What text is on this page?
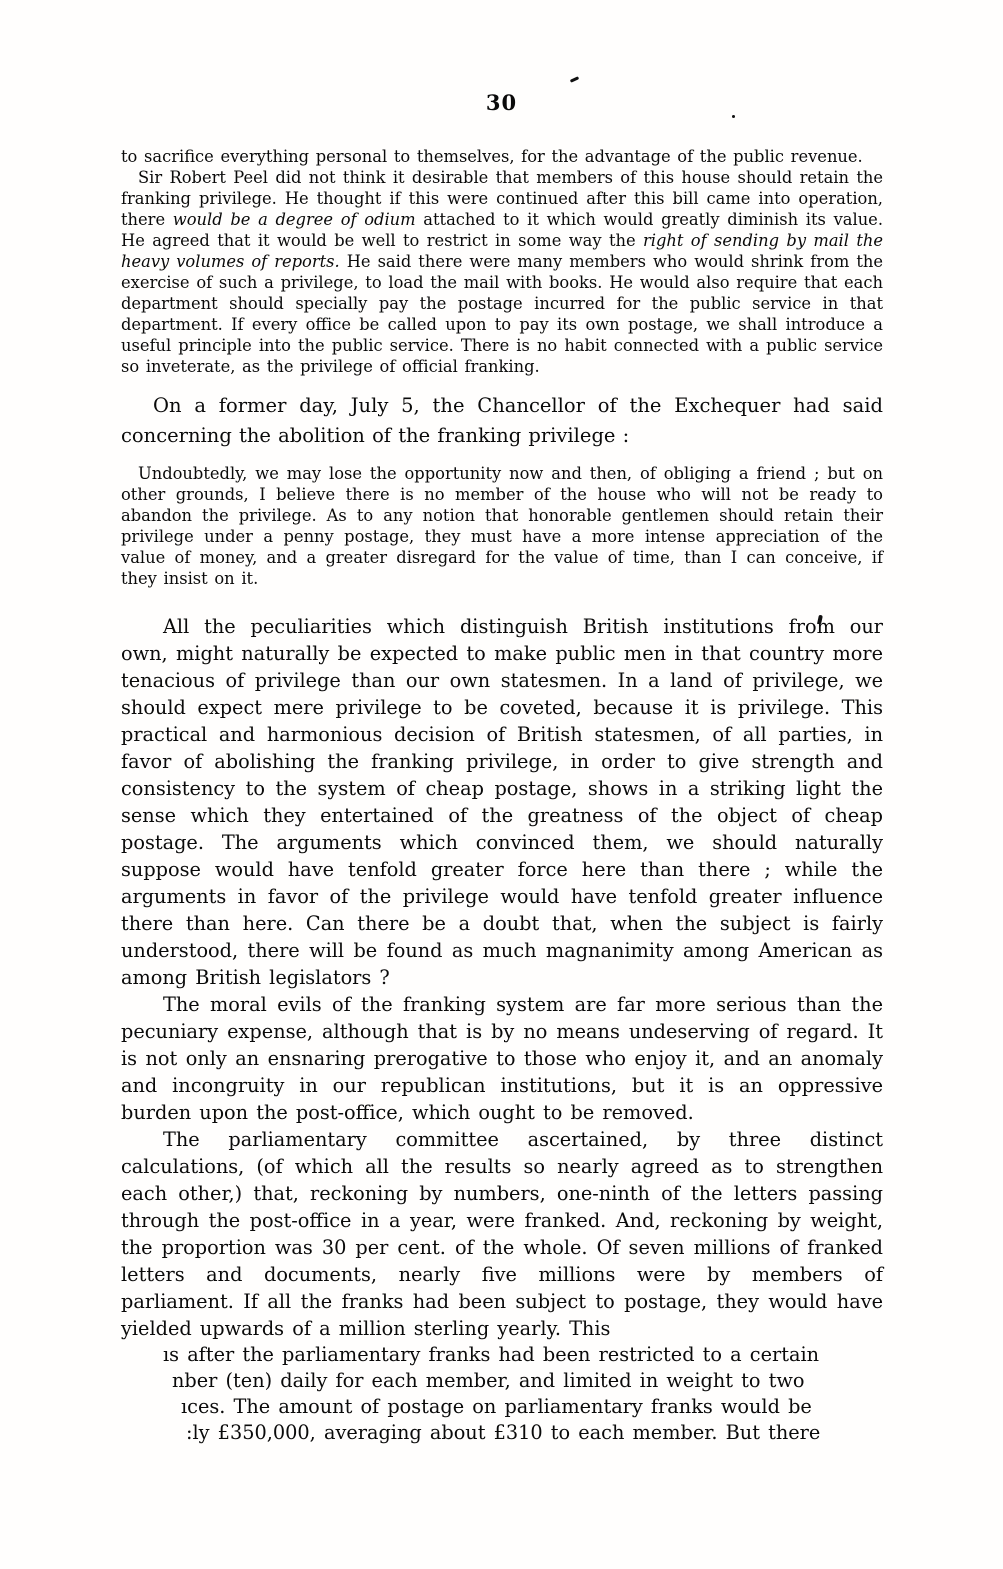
30

to sacrifice everything personal to themselves, for the advantage of the public revenue.

Sir Robert Peel did not think it desirable that members of this house should retain the franking privilege. He thought if this were continued after this bill came into operation, there would be a degree of odium attached to it which would greatly diminish its value. He agreed that it would be well to restrict in some way the right of sending by mail the heavy volumes of reports. He said there were many members who would shrink from the exercise of such a privilege, to load the mail with books. He would also require that each department should specially pay the postage incurred for the public service in that department. If every office be called upon to pay its own postage, we shall introduce a useful principle into the public service. There is no habit connected with a public service so inveterate, as the privilege of official franking.

On a former day, July 5, the Chancellor of the Exchequer had said concerning the abolition of the franking privilege :

Undoubtedly, we may lose the opportunity now and then, of obliging a friend ; but on other grounds, I believe there is no member of the house who will not be ready to abandon the privilege. As to any notion that honorable gentlemen should retain their privilege under a penny postage, they must have a more intense appreciation of the value of money, and a greater disregard for the value of time, than I can conceive, if they insist on it.

All the peculiarities which distinguish British institutions from our own, might naturally be expected to make public men in that country more tenacious of privilege than our own statesmen. In a land of privilege, we should expect mere privilege to be coveted, because it is privilege. This practical and harmonious decision of British statesmen, of all parties, in favor of abolishing the franking privilege, in order to give strength and consistency to the system of cheap postage, shows in a striking light the sense which they entertained of the greatness of the object of cheap postage. The arguments which convinced them, we should naturally suppose would have tenfold greater force here than there ; while the arguments in favor of the privilege would have tenfold greater influence there than here. Can there be a doubt that, when the subject is fairly understood, there will be found as much magnanimity among American as among British legislators ?

The moral evils of the franking system are far more serious than the pecuniary expense, although that is by no means undeserving of regard. It is not only an ensnaring prerogative to those who enjoy it, and an anomaly and incongruity in our republican institutions, but it is an oppressive burden upon the post-office, which ought to be removed.

The parliamentary committee ascertained, by three distinct calculations, (of which all the results so nearly agreed as to strengthen each other,) that, reckoning by numbers, one-ninth of the letters passing through the post-office in a year, were franked. And, reckoning by weight, the proportion was 30 per cent. of the whole. Of seven millions of franked letters and documents, nearly five millions were by members of parliament. If all the franks had been subject to postage, they would have yielded upwards of a million sterling yearly. This

ıs after the parliamentary franks had been restricted to a certain
nber (ten) daily for each member, and limited in weight to two
ıces. The amount of postage on parliamentary franks would be
:ly £350,000, averaging about £310 to each member. But there
